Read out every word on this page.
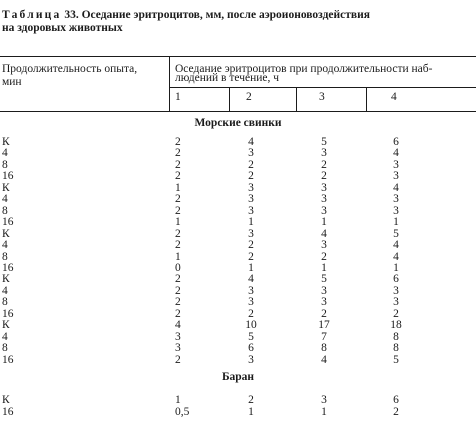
Таблица 33. Оседание эритроцитов, мм, после аэроионовоздействия
на здоровых животных
Продолжительность опыта,
мин
Оседание эритроцитов при продолжительности наб-
людений в течение, ч
1	2	3	4
Морские свинки
К	2	4	5	6
4	2	3	3	4
8	2	2	2	3
16	2	2	2	3
К	1	3	3	4
4	2	3	3	3
8	2	3	3	3
16	1	1	1	1
К	2	3	4	5
4	2	2	3	4
8	1	2	2	4
16	0	1	1	1
К	2	4	5	6
4	2	3	3	3
8	2	3	3	3
16	2	2	2	2
К	4	10	17	18
4	3	5	7	8
8	3	6	8	8
16	2	3	4	5
Баран
К	1	2	3	6
16	0,5	1	1	2
